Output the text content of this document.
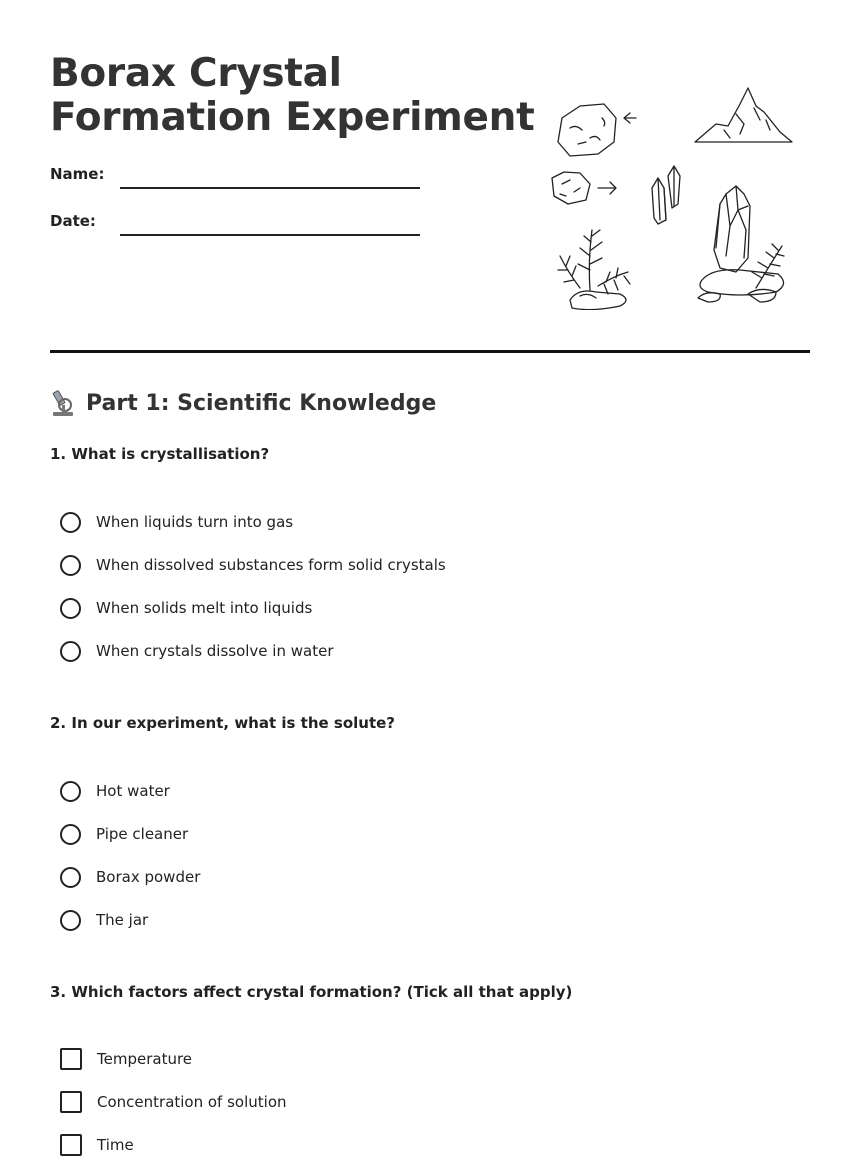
Borax Crystal Formation Experiment
Name:
Date:
Part 1: Scientific Knowledge

1. What is crystallisation?

When liquids turn into gas
When dissolved substances form solid crystals
When solids melt into liquids
When crystals dissolve in water

2. In our experiment, what is the solute?

Hot water
Pipe cleaner
Borax powder
The jar

3. Which factors affect crystal formation? (Tick all that apply)

Temperature
Concentration of solution
Time
